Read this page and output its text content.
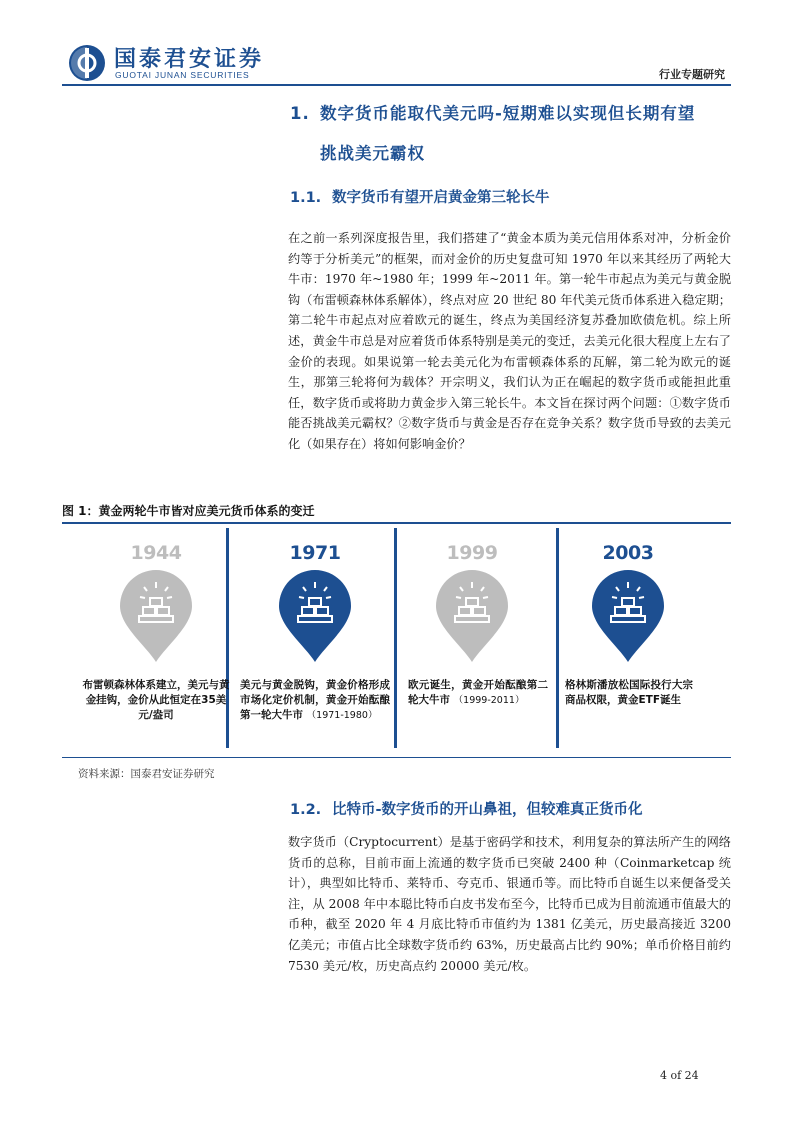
国泰君安证券
GUOTAI JUNAN SECURITIES	行业专题研究
1. 数字货币能取代美元吗-短期难以实现但长期有望
挑战美元霸权
1.1. 数字货币有望开启黄金第三轮长牛
在之前一系列深度报告里，我们搭建了“黄金本质为美元信用体系对冲，分析金价约等于分析美元”的框架，而对金价的历史复盘可知 1970 年以来其经历了两轮大牛市：1970 年~1980 年；1999 年~2011 年。第一轮牛市起点为美元与黄金脱钩（布雷顿森林体系解体），终点对应 20 世纪 80 年代美元货币体系进入稳定期；第二轮牛市起点对应着欧元的诞生，终点为美国经济复苏叠加欧债危机。综上所述，黄金牛市总是对应着货币体系特别是美元的变迁，去美元化很大程度上左右了金价的表现。如果说第一轮去美元化为布雷顿森体系的瓦解，第二轮为欧元的诞生，那第三轮将何为载体？开宗明义，我们认为正在崛起的数字货币或能担此重任，数字货币或将助力黄金步入第三轮长牛。本文旨在探讨两个问题：①数字货币能否挑战美元霸权？②数字货币与黄金是否存在竞争关系？数字货币导致的去美元化（如果存在）将如何影响金价？
图 1：黄金两轮牛市皆对应美元货币体系的变迁
1944
布雷顿森林体系建立，美元与黄金挂钩，金价从此恒定在35美元/盎司
1971
美元与黄金脱钩，黄金价格形成市场化定价机制，黄金开始酝酿第一轮大牛市 （1971-1980）
1999
欧元诞生，黄金开始酝酿第二轮大牛市 （1999-2011）
2003
格林斯潘放松国际投行大宗商品权限，黄金ETF诞生
资料来源：国泰君安证券研究
1.2. 比特币-数字货币的开山鼻祖，但较难真正货币化
数字货币（Cryptocurrent）是基于密码学和技术，利用复杂的算法所产生的网络货币的总称，目前市面上流通的数字货币已突破 2400 种（Coinmarketcap 统计），典型如比特币、莱特币、夸克币、银通币等。而比特币自诞生以来便备受关注，从 2008 年中本聪比特币白皮书发布至今，比特币已成为目前流通市值最大的币种，截至 2020 年 4 月底比特币市值约为 1381 亿美元，历史最高接近 3200 亿美元；市值占比全球数字货币约 63%，历史最高占比约 90%；单币价格目前约 7530 美元/枚，历史高点约 20000 美元/枚。
4 of 24
